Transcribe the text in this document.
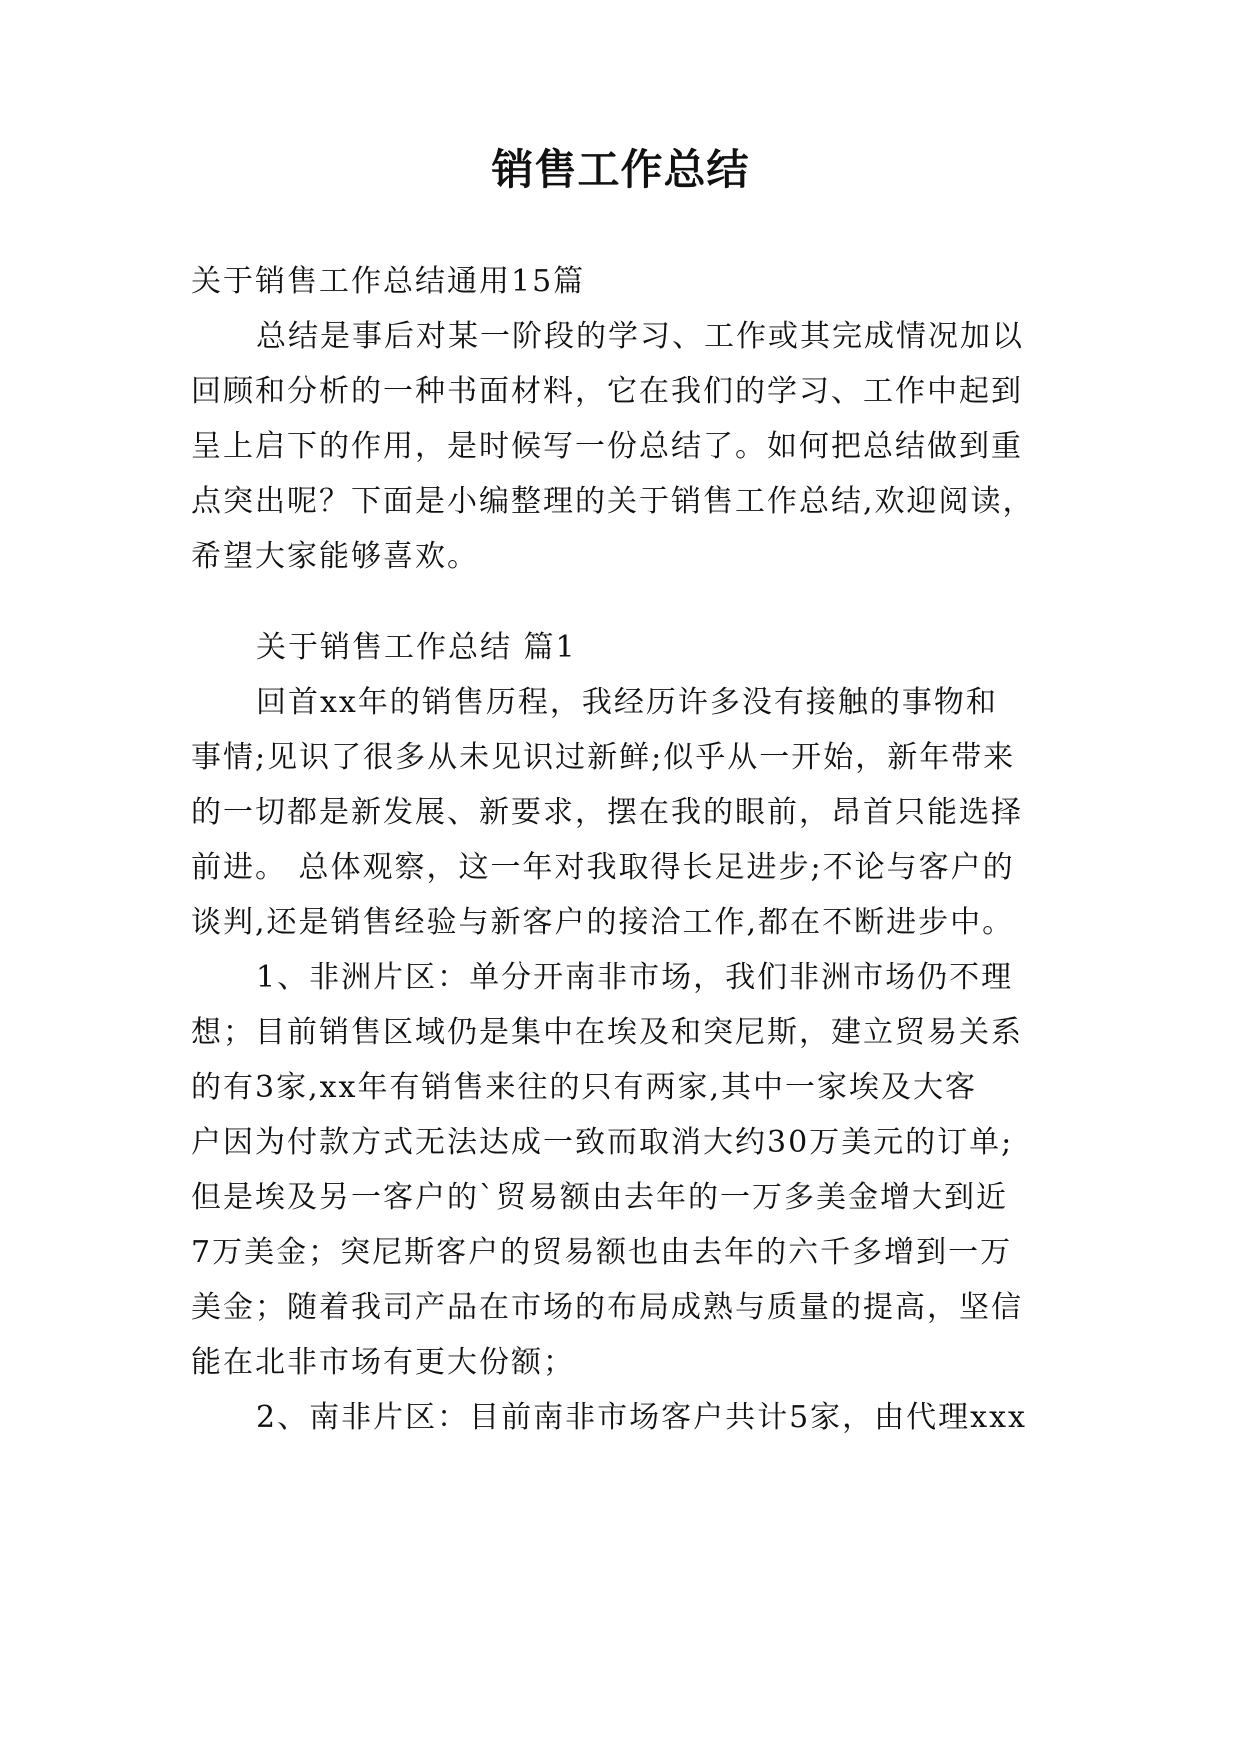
销售工作总结
关于销售工作总结通用15篇
总结是事后对某一阶段的学习、工作或其完成情况加以
回顾和分析的一种书面材料，它在我们的学习、工作中起到
呈上启下的作用，是时候写一份总结了。如何把总结做到重
点突出呢？下面是小编整理的关于销售工作总结,欢迎阅读，
希望大家能够喜欢。
关于销售工作总结 篇1
回首xx年的销售历程，我经历许多没有接触的事物和
事情;见识了很多从未见识过新鲜;似乎从一开始，新年带来
的一切都是新发展、新要求，摆在我的眼前，昂首只能选择
前进。 总体观察，这一年对我取得长足进步;不论与客户的
谈判,还是销售经验与新客户的接洽工作,都在不断进步中。
1、非洲片区：单分开南非市场，我们非洲市场仍不理
想；目前销售区域仍是集中在埃及和突尼斯，建立贸易关系
的有3家,xx年有销售来往的只有两家,其中一家埃及大客
户因为付款方式无法达成一致而取消大约30万美元的订单;
但是埃及另一客户的`贸易额由去年的一万多美金增大到近
7万美金；突尼斯客户的贸易额也由去年的六千多增到一万
美金；随着我司产品在市场的布局成熟与质量的提高，坚信
能在北非市场有更大份额；
2、南非片区：目前南非市场客户共计5家，由代理xxx
